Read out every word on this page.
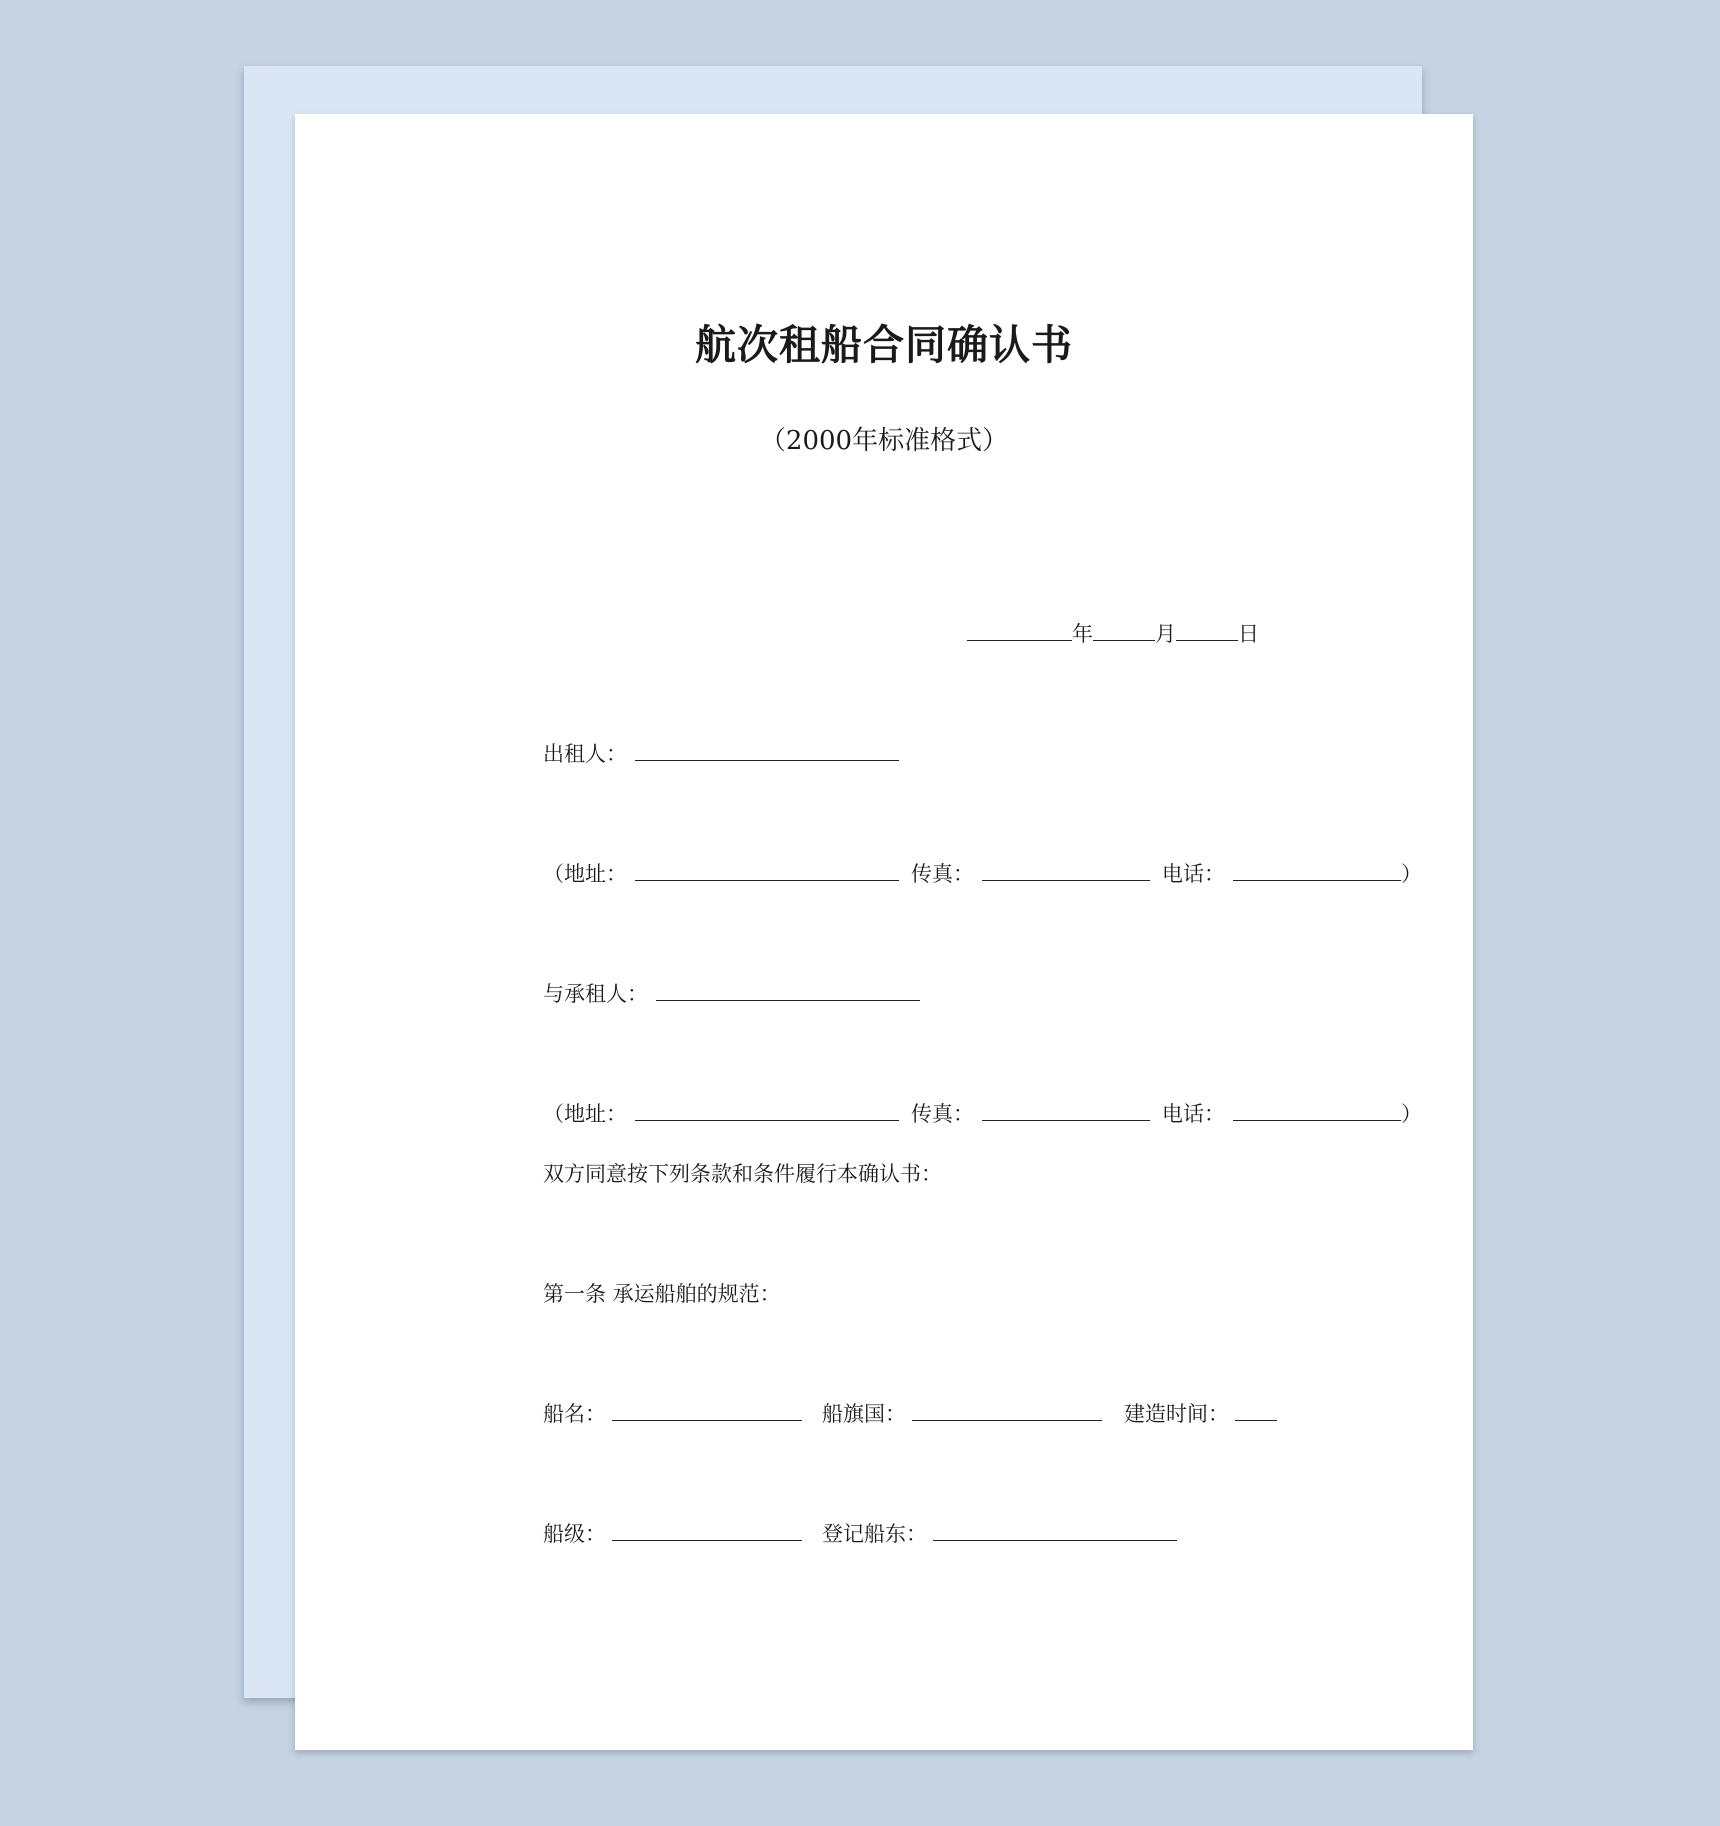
航次租船合同确认书
（2000年标准格式）
年	月	日
出租人：
（地址：	传真：	电话：	）
与承租人：
（地址：	传真：	电话：	）
双方同意按下列条款和条件履行本确认书：
第一条 承运船舶的规范：
船名：	船旗国：	建造时间：
船级：	登记船东：
